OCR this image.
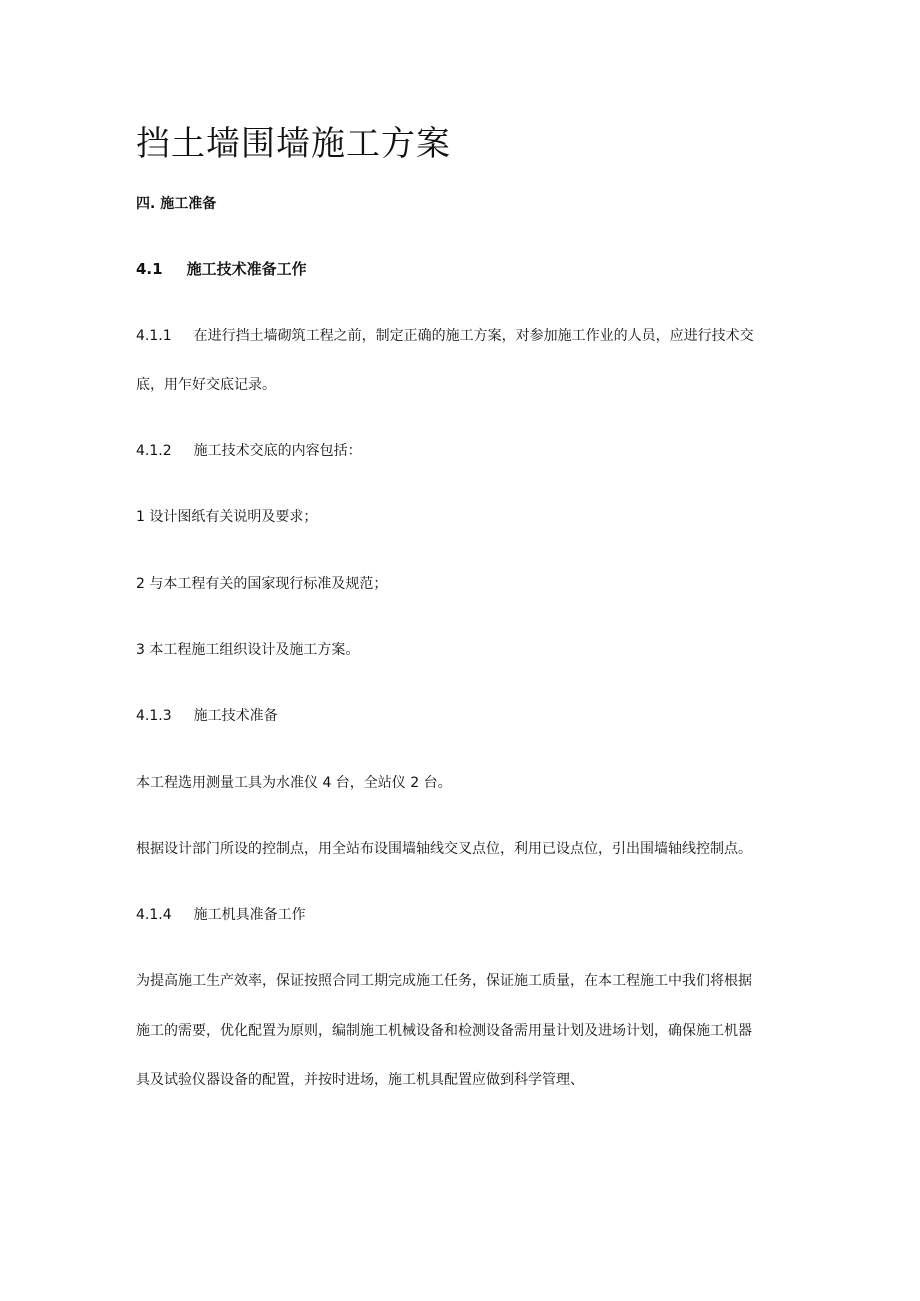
挡土墙围墙施工方案

四. 施工准备

4.1 施工技术准备工作

4.1.1 在进行挡土墙砌筑工程之前，制定正确的施工方案，对参加施工作业的人员，应进行技术交

底，用乍好交底记录。

4.1.2 施工技术交底的内容包括：

1 设计图纸有关说明及要求；

2 与本工程有关的国家现行标准及规范；

3 本工程施工组织设计及施工方案。

4.1.3 施工技术准备

本工程选用测量工具为水准仪 4 台，全站仪 2 台。

根据设计部门所设的控制点，用全站布设围墙轴线交叉点位，利用已设点位，引出围墙轴线控制点。

4.1.4 施工机具准备工作

为提高施工生产效率，保证按照合同工期完成施工任务，保证施工质量，在本工程施工中我们将根据

施工的需要，优化配置为原则，编制施工机械设备和检测设备需用量计划及进场计划，确保施工机器

具及试验仪器设备的配置，并按时进场，施工机具配置应做到科学管理、
